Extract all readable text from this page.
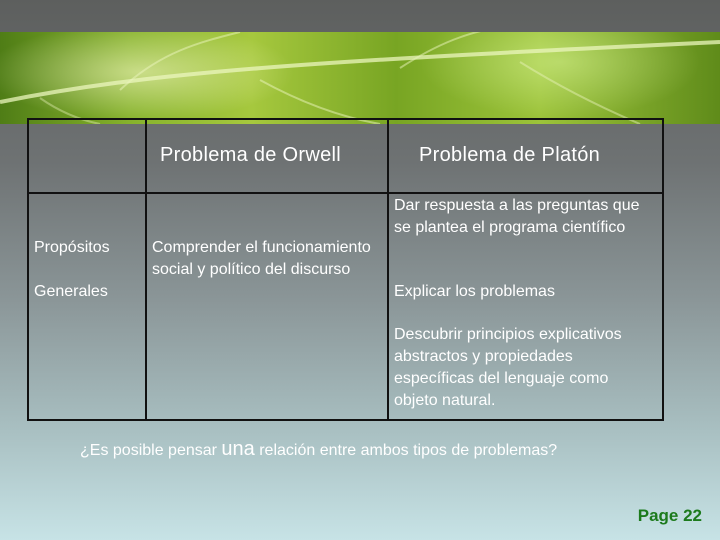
Problema de Orwell	Problema de Platón
Propósitos
Generales
Comprender el funcionamiento social y político del discurso
Dar respuesta a las preguntas que se plantea el programa científico
Explicar los problemas
Descubrir principios explicativos abstractos y propiedades específicas del lenguaje como objeto natural.
¿Es posible pensar una relación entre ambos tipos de problemas?
Page 22
